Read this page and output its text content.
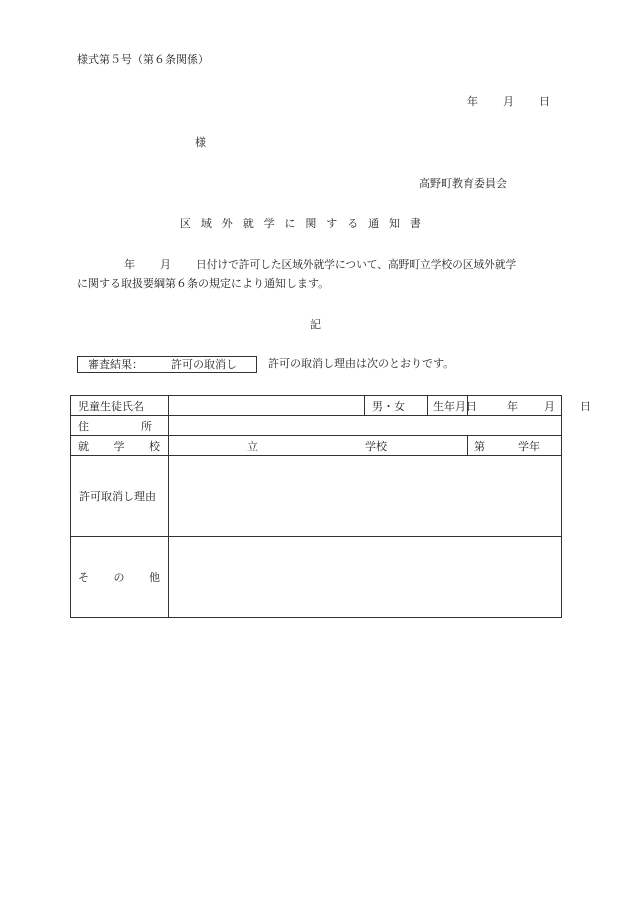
様式第５号（第６条関係）
年 月 日
様
高野町教育委員会
区域外就学に関する通知書
年 月 日付けで許可した区域外就学について、高野町立学校の区域外就学
に関する取扱要綱第６条の規定により通知します。
記
審査結果：	許可の取消し	許可の取消し理由は次のとおりです。
児童生徒氏名		男・女	生年月日	年 月 日

住 所				

就 学 校	立 学校			第 学年

許可取消し理由				

そ の 他				
